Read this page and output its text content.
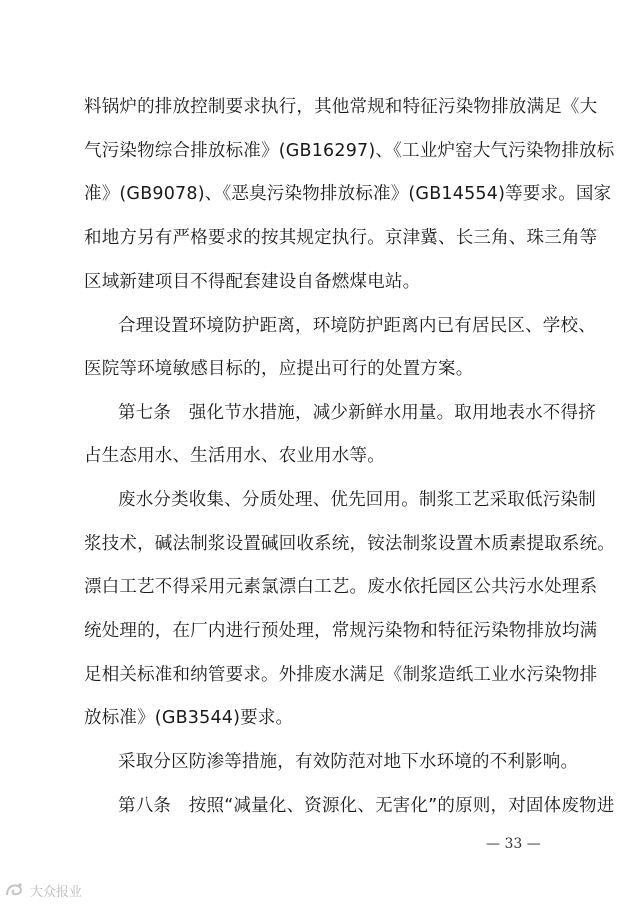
料锅炉的排放控制要求执行，其他常规和特征污染物排放满足《大
气污染物综合排放标准》(GB16297)、《工业炉窑大气污染物排放标
准》(GB9078)、《恶臭污染物排放标准》(GB14554)等要求。国家
和地方另有严格要求的按其规定执行。京津冀、长三角、珠三角等
区域新建项目不得配套建设自备燃煤电站。
合理设置环境防护距离，环境防护距离内已有居民区、学校、
医院等环境敏感目标的，应提出可行的处置方案。
第七条　强化节水措施，减少新鲜水用量。取用地表水不得挤
占生态用水、生活用水、农业用水等。
废水分类收集、分质处理、优先回用。制浆工艺采取低污染制
浆技术，碱法制浆设置碱回收系统，铵法制浆设置木质素提取系统。
漂白工艺不得采用元素氯漂白工艺。废水依托园区公共污水处理系
统处理的，在厂内进行预处理，常规污染物和特征污染物排放均满
足相关标准和纳管要求。外排废水满足《制浆造纸工业水污染物排
放标准》(GB3544)要求。
采取分区防渗等措施，有效防范对地下水环境的不利影响。
第八条　按照“减量化、资源化、无害化”的原则，对固体废物进
— 33 —
大众报业
